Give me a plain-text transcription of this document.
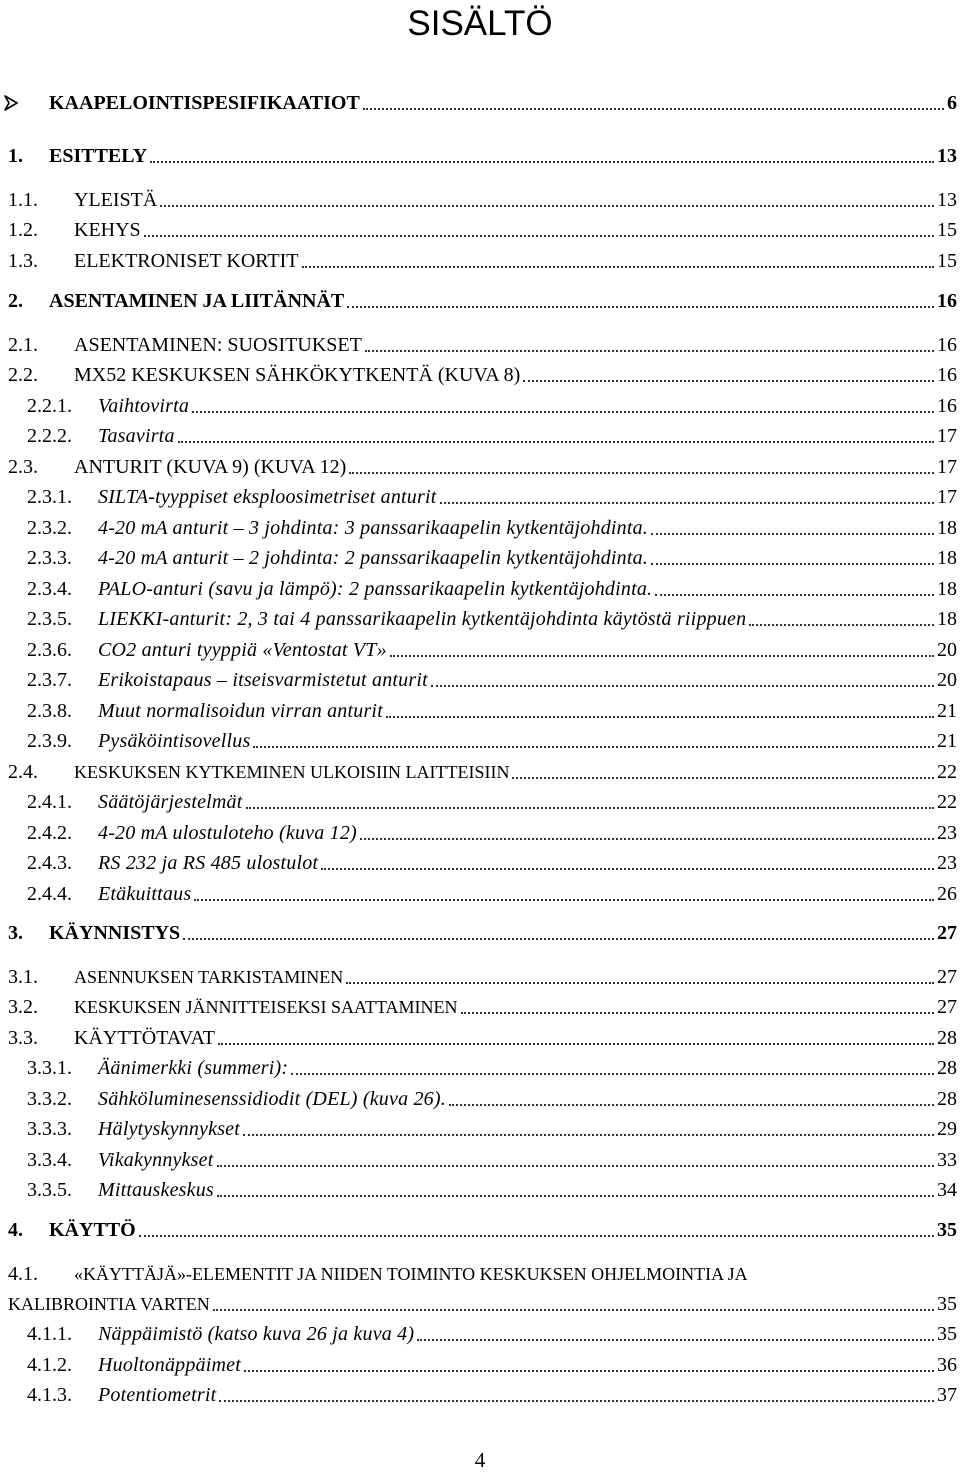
SISÄLTÖ
KAAPELOINTISPESIFIKAATIOT	6
1. ESITTELY	13
1.1. YLEISTÄ	13
1.2. KEHYS	15
1.3. ELEKTRONISET KORTIT	15
2. ASENTAMINEN JA LIITÄNNÄT	16
2.1. ASENTAMINEN: SUOSITUKSET	16
2.2. MX52 KESKUKSEN SÄHKÖKYTKENTÄ (KUVA 8)	16
2.2.1. Vaihtovirta	16
2.2.2. Tasavirta	17
2.3. ANTURIT (KUVA 9) (KUVA 12)	17
2.3.1. SILTA-tyyppiset eksploosimetriset anturit	17
2.3.2. 4-20 mA anturit – 3 johdinta: 3 panssarikaapelin kytkentäjohdinta.	18
2.3.3. 4-20 mA anturit – 2 johdinta: 2 panssarikaapelin kytkentäjohdinta.	18
2.3.4. PALO-anturi (savu ja lämpö): 2 panssarikaapelin kytkentäjohdinta.	18
2.3.5. LIEKKI-anturit: 2, 3 tai 4 panssarikaapelin kytkentäjohdinta käytöstä riippuen	18
2.3.6. CO2 anturi tyyppiä «Ventostat VT»	20
2.3.7. Erikoistapaus – itseisvarmistetut anturit	20
2.3.8. Muut normalisoidun virran anturit	21
2.3.9. Pysäköintisovellus	21
2.4. KESKUKSEN KYTKEMINEN ULKOISIIN LAITTEISIIN	22
2.4.1. Säätöjärjestelmät	22
2.4.2. 4-20 mA ulostuloteho (kuva 12)	23
2.4.3. RS 232 ja RS 485 ulostulot	23
2.4.4. Etäkuittaus	26
3. KÄYNNISTYS	27
3.1. ASENNUKSEN TARKISTAMINEN	27
3.2. KESKUKSEN JÄNNITTEISEKSI SAATTAMINEN	27
3.3. KÄYTTÖTAVAT	28
3.3.1. Äänimerkki (summeri):	28
3.3.2. Sähköluminesenssidiodit (DEL) (kuva 26).	28
3.3.3. Hälytyskynnykset	29
3.3.4. Vikakynnykset	33
3.3.5. Mittauskeskus	34
4. KÄYTTÖ	35
4.1. «KÄYTTÄJÄ»-ELEMENTIT JA NIIDEN TOIMINTO KESKUKSEN OHJELMOINTIA JA
KALIBROINTIA VARTEN	35
4.1.1. Näppäimistö (katso kuva 26 ja kuva 4)	35
4.1.2. Huoltonäppäimet	36
4.1.3. Potentiometrit	37
4
